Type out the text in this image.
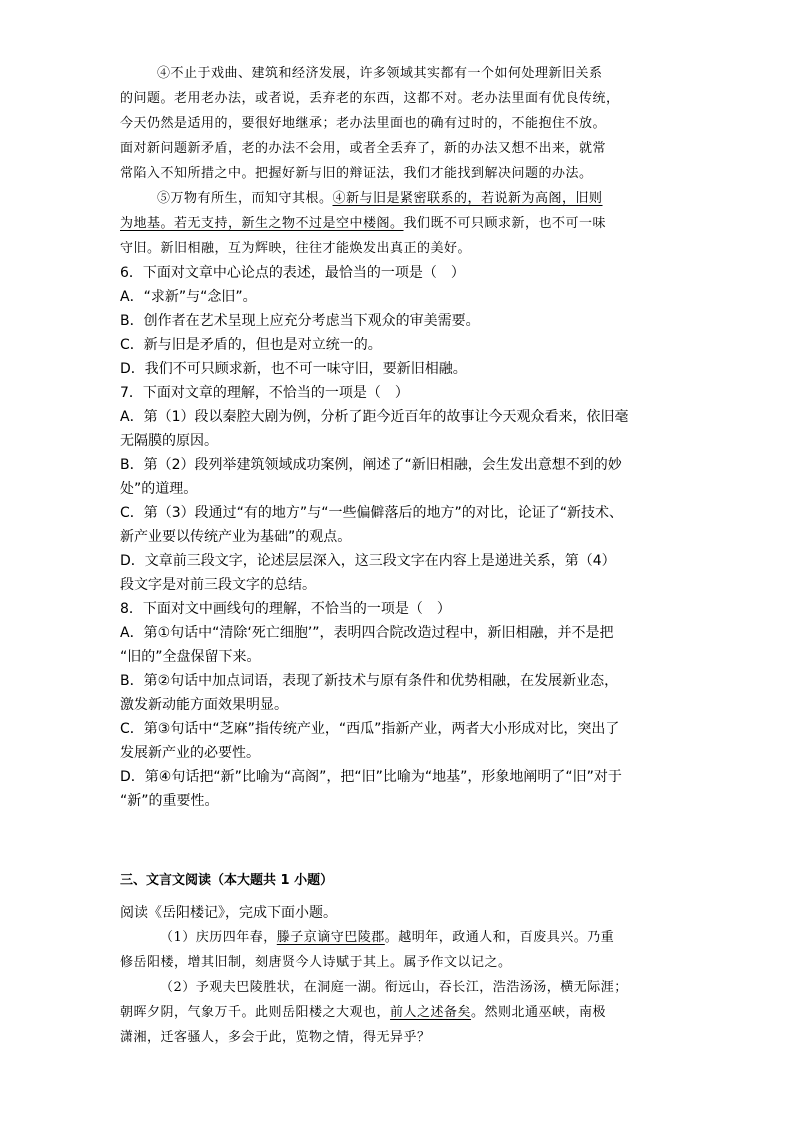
④不止于戏曲、建筑和经济发展，许多领域其实都有一个如何处理新旧关系
的问题。老用老办法，或者说，丢弃老的东西，这都不对。老办法里面有优良传统，
今天仍然是适用的，要很好地继承；老办法里面也的确有过时的，不能抱住不放。
面对新问题新矛盾，老的办法不会用，或者全丢弃了，新的办法又想不出来，就常
常陷入不知所措之中。把握好新与旧的辩证法，我们才能找到解决问题的办法。
⑤万物有所生，而知守其根。④新与旧是紧密联系的，若说新为高阁，旧则
为地基。若无支持，新生之物不过是空中楼阁。我们既不可只顾求新，也不可一味
守旧。新旧相融，互为辉映，往往才能焕发出真正的美好。
6．下面对文章中心论点的表述，最恰当的一项是（　）
A．“求新”与“念旧”。
B．创作者在艺术呈现上应充分考虑当下观众的审美需要。
C．新与旧是矛盾的，但也是对立统一的。
D．我们不可只顾求新，也不可一味守旧，要新旧相融。
7．下面对文章的理解，不恰当的一项是（　）
A．第（1）段以秦腔大剧为例，分析了距今近百年的故事让今天观众看来，依旧毫
无隔膜的原因。
B．第（2）段列举建筑领域成功案例，阐述了“新旧相融，会生发出意想不到的妙
处”的道理。
C．第（3）段通过“有的地方”与“一些偏僻落后的地方”的对比，论证了“新技术、
新产业要以传统产业为基础”的观点。
D．文章前三段文字，论述层层深入，这三段文字在内容上是递进关系，第（4）
段文字是对前三段文字的总结。
8．下面对文中画线句的理解，不恰当的一项是（　）
A．第①句话中“清除‘死亡细胞’”，表明四合院改造过程中，新旧相融，并不是把
“旧的”全盘保留下来。
B．第②句话中加点词语，表现了新技术与原有条件和优势相融，在发展新业态，
激发新动能方面效果明显。
C．第③句话中“芝麻”指传统产业，“西瓜”指新产业，两者大小形成对比，突出了
发展新产业的必要性。
D．第④句话把“新”比喻为“高阁”，把“旧”比喻为“地基”，形象地阐明了“旧”对于
“新”的重要性。
三、文言文阅读（本大题共 1 小题）
阅读《岳阳楼记》，完成下面小题。
（1）庆历四年春，滕子京谪守巴陵郡。越明年，政通人和，百废具兴。乃重
修岳阳楼，增其旧制，刻唐贤今人诗赋于其上。属予作文以记之。
（2）予观夫巴陵胜状，在洞庭一湖。衔远山，吞长江，浩浩汤汤，横无际涯；
朝晖夕阴，气象万千。此则岳阳楼之大观也，前人之述备矣。然则北通巫峡，南极
潇湘，迁客骚人，多会于此，览物之情，得无异乎？
